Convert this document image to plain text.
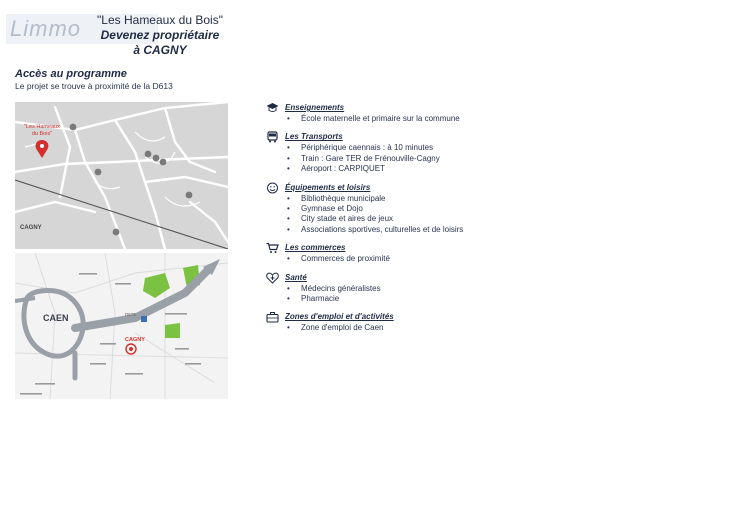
Limmo	"Les Hameaux du Bois"
Devenez propriétaire
à CAGNY
Accès au programme
Le projet se trouve à proximité de la D613
"Les Hameaux
du Bois"
CAGNY
CAEN
CAGNY
D675
Enseignements
• École maternelle et primaire sur la commune
Les Transports
• Périphérique caennais : à 10 minutes
• Train : Gare TER de Frénouville-Cagny
• Aéroport : CARPIQUET
Équipements et loisirs
• Bibliothèque municipale
• Gymnase et Dojo
• City stade et aires de jeux
• Associations sportives, culturelles et de loisirs
Les commerces
• Commerces de proximité
Santé
• Médecins généralistes
• Pharmacie
Zones d'emploi et d'activités
• Zone d'emploi de Caen
